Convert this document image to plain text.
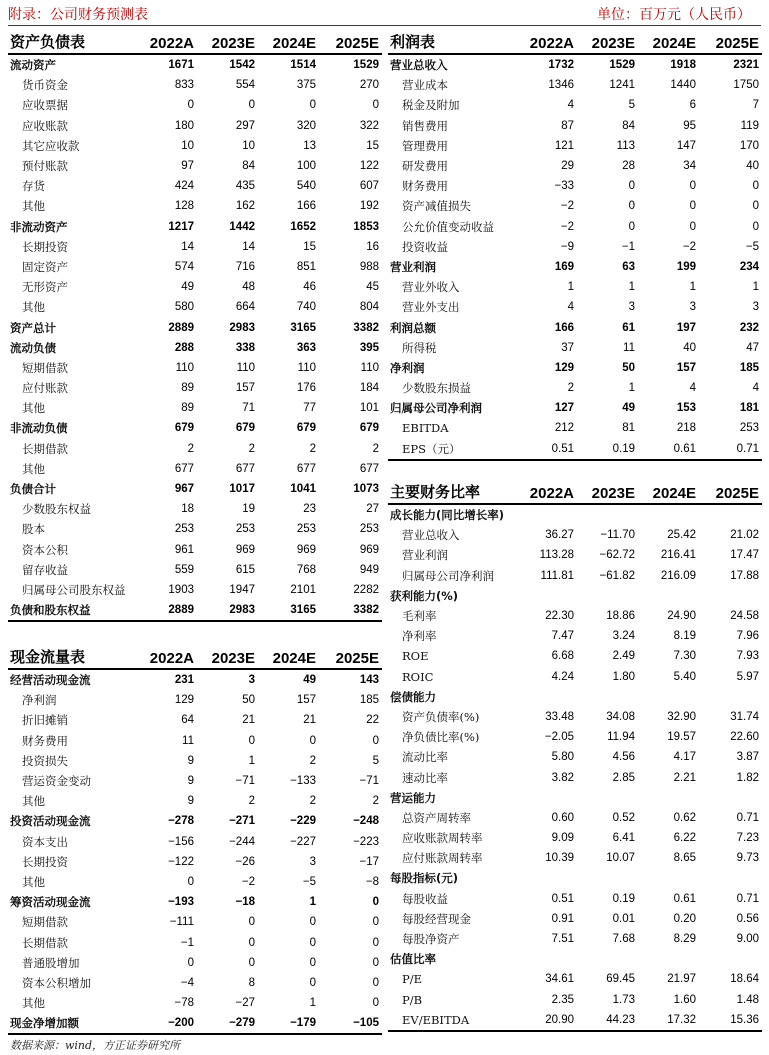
附录：公司财务预测表	单位：百万元（人民币）
资产负债表	2022A	2023E	2024E	2025E
流动资产	1671	1542	1514	1529
货币资金	833	554	375	270
应收票据	0	0	0	0
应收账款	180	297	320	322
其它应收款	10	10	13	15
预付账款	97	84	100	122
存货	424	435	540	607
其他	128	162	166	192
非流动资产	1217	1442	1652	1853
长期投资	14	14	15	16
固定资产	574	716	851	988
无形资产	49	48	46	45
其他	580	664	740	804
资产总计	2889	2983	3165	3382
流动负债	288	338	363	395
短期借款	110	110	110	110
应付账款	89	157	176	184
其他	89	71	77	101
非流动负债	679	679	679	679
长期借款	2	2	2	2
其他	677	677	677	677
负债合计	967	1017	1041	1073
少数股东权益	18	19	23	27
股本	253	253	253	253
资本公积	961	969	969	969
留存收益	559	615	768	949
归属母公司股东权益	1903	1947	2101	2282
负债和股东权益	2889	2983	3165	3382
利润表	2022A	2023E	2024E	2025E
营业总收入	1732	1529	1918	2321
营业成本	1346	1241	1440	1750
税金及附加	4	5	6	7
销售费用	87	84	95	119
管理费用	121	113	147	170
研发费用	29	28	34	40
财务费用	−33	0	0	0
资产减值损失	−2	0	0	0
公允价值变动收益	−2	0	0	0
投资收益	−9	−1	−2	−5
营业利润	169	63	199	234
营业外收入	1	1	1	1
营业外支出	4	3	3	3
利润总额	166	61	197	232
所得税	37	11	40	47
净利润	129	50	157	185
少数股东损益	2	1	4	4
归属母公司净利润	127	49	153	181
EBITDA	212	81	218	253
EPS（元）	0.51	0.19	0.61	0.71
现金流量表	2022A	2023E	2024E	2025E
经营活动现金流	231	3	49	143
净利润	129	50	157	185
折旧摊销	64	21	21	22
财务费用	11	0	0	0
投资损失	9	1	2	5
营运资金变动	9	−71	−133	−71
其他	9	2	2	2
投资活动现金流	−278	−271	−229	−248
资本支出	−156	−244	−227	−223
长期投资	−122	−26	3	−17
其他	0	−2	−5	−8
筹资活动现金流	−193	−18	1	0
短期借款	−111	0	0	0
长期借款	−1	0	0	0
普通股增加	0	0	0	0
资本公积增加	−4	8	0	0
其他	−78	−27	1	0
现金净增加额	−200	−279	−179	−105
主要财务比率	2022A	2023E	2024E	2025E
成长能力(同比增长率)				
营业总收入	36.27	−11.70	25.42	21.02
营业利润	113.28	−62.72	216.41	17.47
归属母公司净利润	111.81	−61.82	216.09	17.88
获利能力(%)				
毛利率	22.30	18.86	24.90	24.58
净利率	7.47	3.24	8.19	7.96
ROE	6.68	2.49	7.30	7.93
ROIC	4.24	1.80	5.40	5.97
偿债能力				
资产负债率(%)	33.48	34.08	32.90	31.74
净负债比率(%)	−2.05	11.94	19.57	22.60
流动比率	5.80	4.56	4.17	3.87
速动比率	3.82	2.85	2.21	1.82
营运能力				
总资产周转率	0.60	0.52	0.62	0.71
应收账款周转率	9.09	6.41	6.22	7.23
应付账款周转率	10.39	10.07	8.65	9.73
每股指标(元)				
每股收益	0.51	0.19	0.61	0.71
每股经营现金	0.91	0.01	0.20	0.56
每股净资产	7.51	7.68	8.29	9.00
估值比率				
P/E	34.61	69.45	21.97	18.64
P/B	2.35	1.73	1.60	1.48
EV/EBITDA	20.90	44.23	17.32	15.36
数据来源：wind，方正证券研究所
